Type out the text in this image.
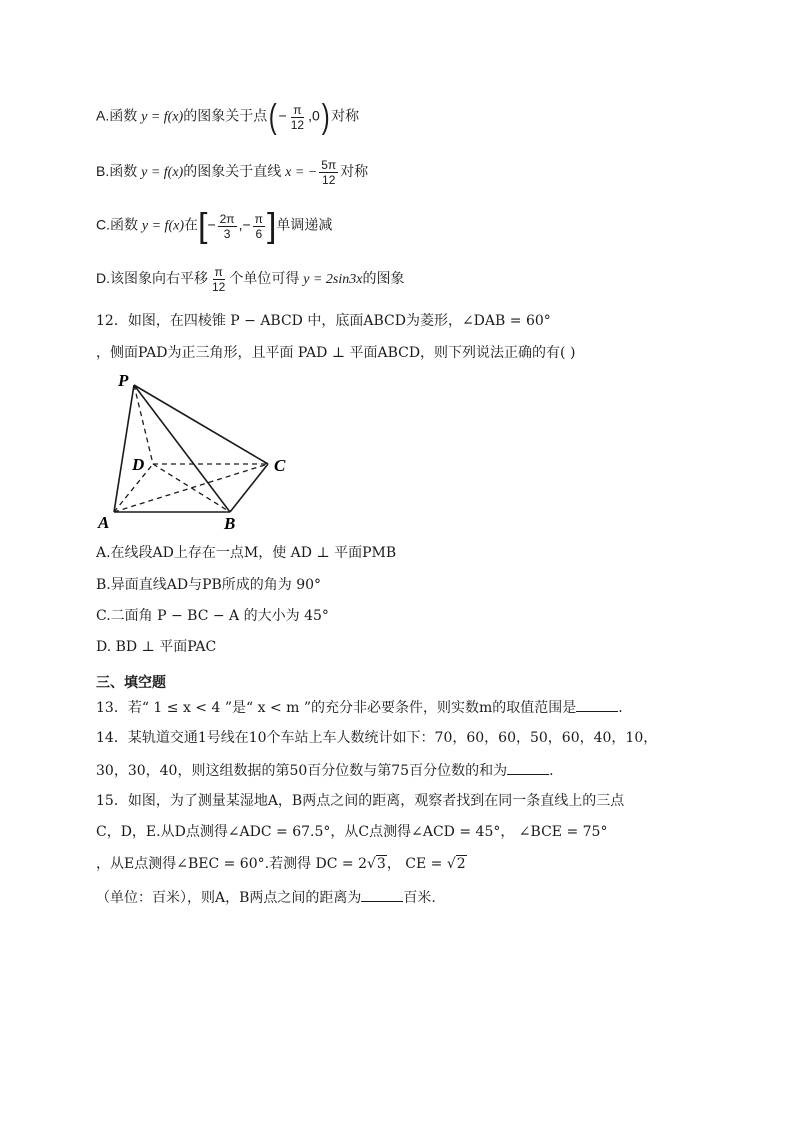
A.函数 y = f(x)的图象关于点( − $\frac{\pi}{12} ,0$) 对称
B.函数 y = f(x)的图象关于直线 x = − $\frac{5\pi}{12}$ 对称
C.函数 y = f(x)在[− $\frac{2\pi}{3}$ ,− $\frac{\pi}{6}$ ]单调递减
D.该图象向右平移 $\frac{\pi}{12}$ 个单位可得 y = 2sin3x的图象
12．如图，在四棱锥 P − ABCD 中，底面ABCD为菱形，∠DAB = 60°
，侧面PAD为正三角形，且平面 PAD ⊥ 平面ABCD，则下列说法正确的有( )
P
D	C
A	B
A.在线段AD上存在一点M，使 AD ⊥ 平面PMB
B.异面直线AD与PB所成的角为 90°
C.二面角 P − BC − A 的大小为 45°
D. BD ⊥ 平面PAC
三、填空题
13．若“ 1 ≤ x < 4 ”是“ x < m ”的充分非必要条件，则实数m的取值范围是	.
14．某轨道交通1号线在10个车站上车人数统计如下：70，60，60，50，60，40，10，
30，30，40，则这组数据的第50百分位数与第75百分位数的和为	.
15．如图，为了测量某湿地A，B两点之间的距离，观察者找到在同一条直线上的三点
C，D，E.从D点测得∠ADC = 67.5°，从C点测得∠ACD = 45°， ∠BCE = 75°
，从E点测得∠BEC = 60°.若测得 DC = 2√3， CE = √2
（单位：百米），则A，B两点之间的距离为	百米.
